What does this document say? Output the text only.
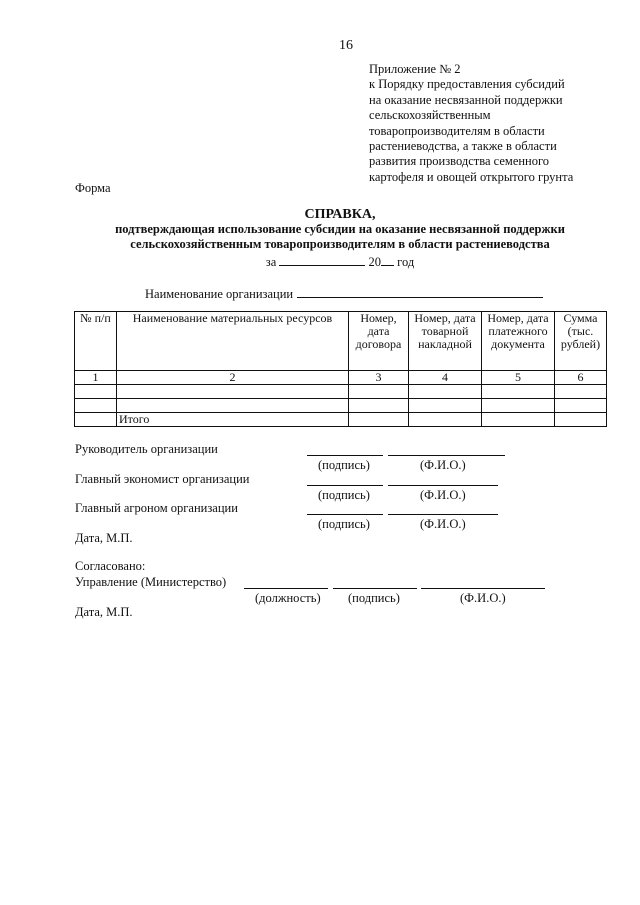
16
Приложение № 2
к Порядку предоставления субсидий
на оказание несвязанной поддержки
сельскохозяйственным
товаропроизводителям в области
растениеводства, а также в области
развития производства семенного
картофеля и овощей открытого грунта
Форма
СПРАВКА,
подтверждающая использование субсидии на оказание несвязанной поддержки
сельскохозяйственным товаропроизводителям в области растениеводства
за	20 год
Наименование организации
№ п/п	Наименование материальных ресурсов	Номер, дата договора	Номер, дата товарной накладной	Номер, дата платежного документа	Сумма (тыс. рублей)
1	2	3	4	5	6

	Итого				
Руководитель организации
(подпись)	(Ф.И.О.)
Главный экономист организации
(подпись)	(Ф.И.О.)
Главный агроном организации
(подпись)	(Ф.И.О.)
Дата, М.П.
Согласовано:
Управление (Министерство)
(должность) (подпись)	(Ф.И.О.)
Дата, М.П.
